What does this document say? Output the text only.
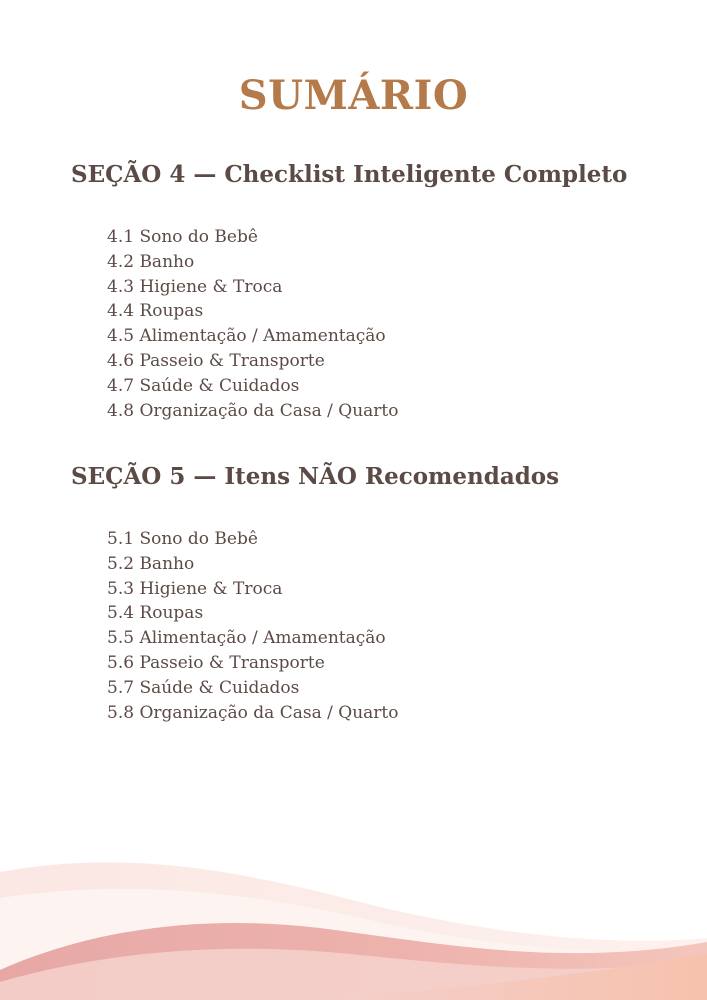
SUMÁRIO
SEÇÃO 4 — Checklist Inteligente Completo
4.1 Sono do Bebê
4.2 Banho
4.3 Higiene & Troca
4.4 Roupas
4.5 Alimentação / Amamentação
4.6 Passeio & Transporte
4.7 Saúde & Cuidados
4.8 Organização da Casa / Quarto
SEÇÃO 5 — Itens NÃO Recomendados
5.1 Sono do Bebê
5.2 Banho
5.3 Higiene & Troca
5.4 Roupas
5.5 Alimentação / Amamentação
5.6 Passeio & Transporte
5.7 Saúde & Cuidados
5.8 Organização da Casa / Quarto
